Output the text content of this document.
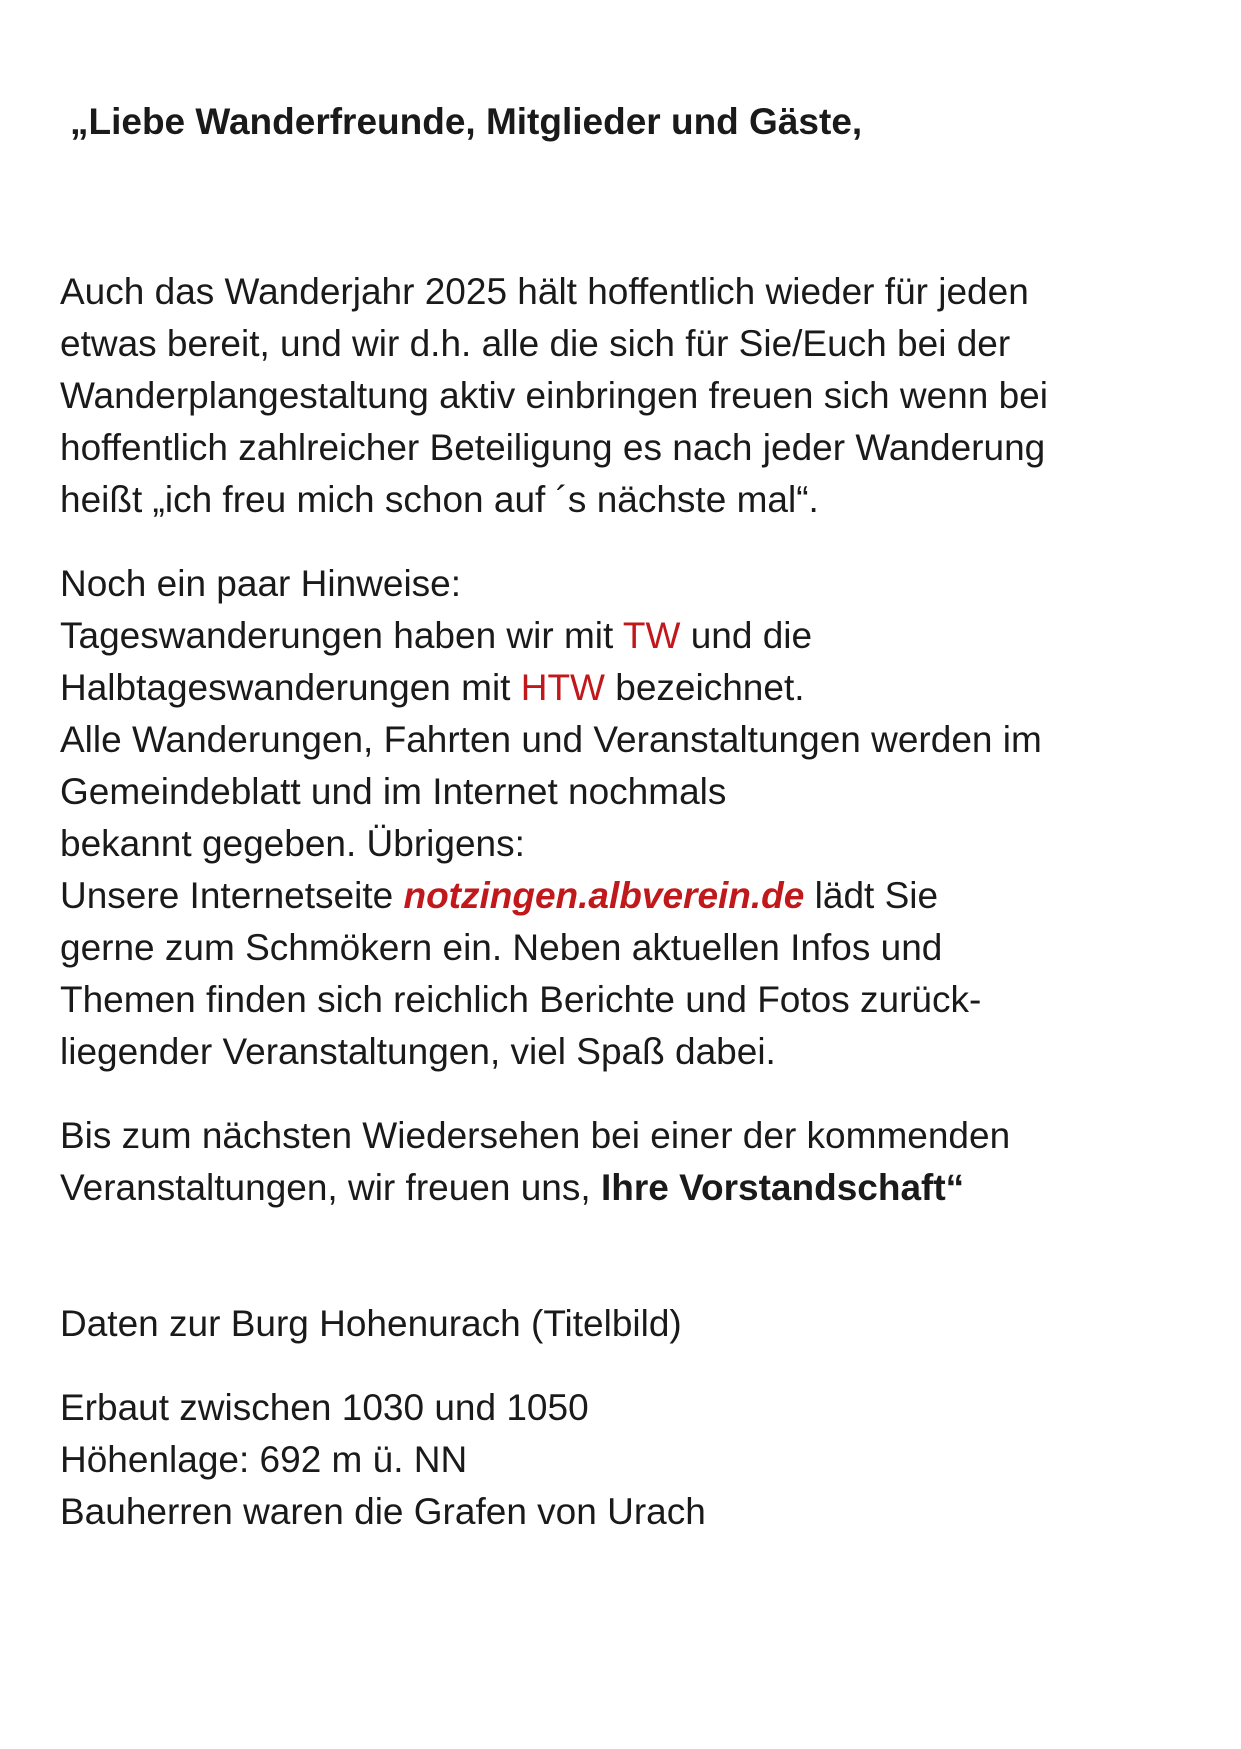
„Liebe Wanderfreunde, Mitglieder und Gäste,
Auch das Wanderjahr 2025 hält hoffentlich wieder für jeden
etwas bereit, und wir d.h. alle die sich für Sie/Euch bei der
Wanderplangestaltung aktiv einbringen freuen sich wenn bei
hoffentlich zahlreicher Beteiligung es nach jeder Wanderung
heißt „ich freu mich schon auf ´s nächste mal“.
Noch ein paar Hinweise:
Tageswanderungen haben wir mit TW und die
Halbtageswanderungen mit HTW bezeichnet.
Alle Wanderungen, Fahrten und Veranstaltungen werden im
Gemeindeblatt und im Internet nochmals
bekannt gegeben. Übrigens:
Unsere Internetseite notzingen.albverein.de lädt Sie
gerne zum Schmökern ein. Neben aktuellen Infos und
Themen finden sich reichlich Berichte und Fotos zurück-
liegender Veranstaltungen, viel Spaß dabei.
Bis zum nächsten Wiedersehen bei einer der kommenden
Veranstaltungen, wir freuen uns, Ihre Vorstandschaft“
Daten zur Burg Hohenurach (Titelbild)
Erbaut zwischen 1030 und 1050
Höhenlage: 692 m ü. NN
Bauherren waren die Grafen von Urach
